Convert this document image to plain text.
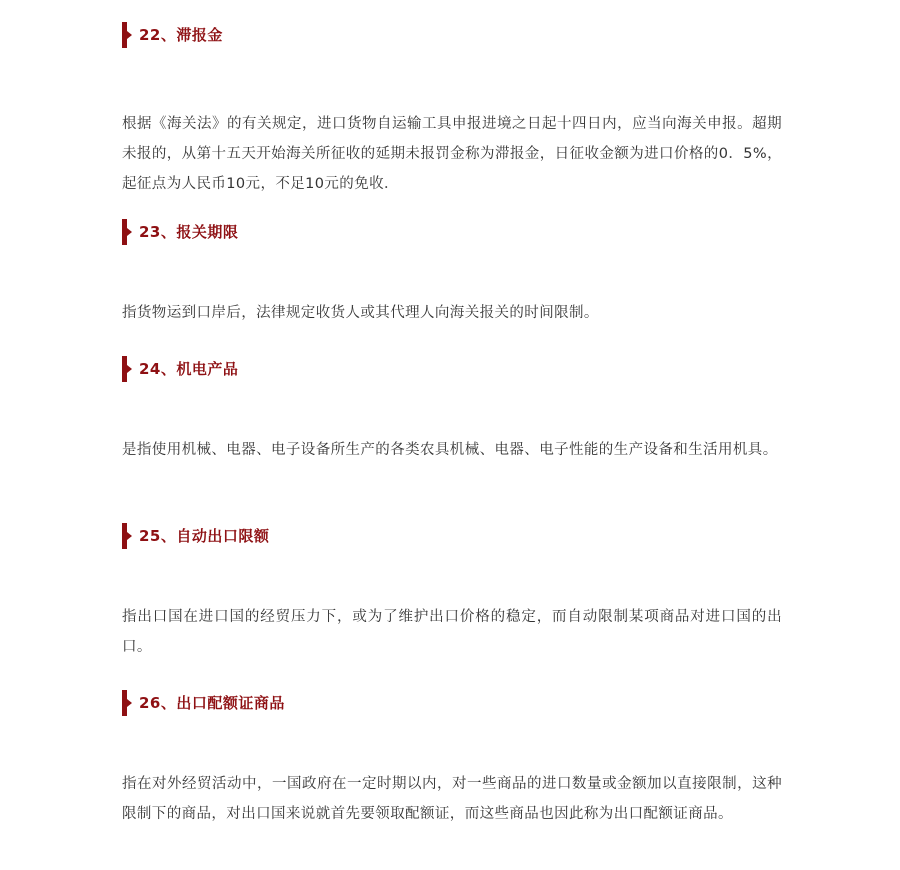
22、滞报金

根据《海关法》的有关规定，进口货物自运输工具申报进境之日起十四日内，应当向海关申报。超期未报的，从第十五天开始海关所征收的延期未报罚金称为滞报金，日征收金额为进口价格的0．5%，起征点为人民币10元，不足10元的免收．

23、报关期限

指货物运到口岸后，法律规定收货人或其代理人向海关报关的时间限制。

24、机电产品

是指使用机械、电器、电子设备所生产的各类农具机械、电器、电子性能的生产设备和生活用机具。

25、自动出口限额

指出口国在进口国的经贸压力下，或为了维护出口价格的稳定，而自动限制某项商品对进口国的出口。

26、出口配额证商品

指在对外经贸活动中，一国政府在一定时期以内，对一些商品的进口数量或金额加以直接限制，这种限制下的商品，对出口国来说就首先要领取配额证，而这些商品也因此称为出口配额证商品。
